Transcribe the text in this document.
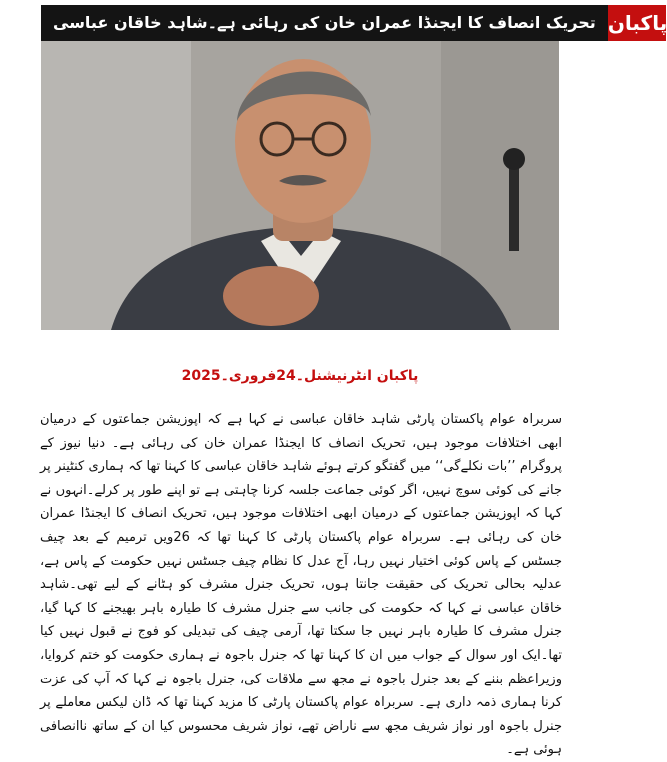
تحریک انصاف کا ایجنڈا عمران خان کی رہائی ہے۔شاہد خاقان عباسی پاکبان
پاکبان انٹرنیشنل۔24فروری۔2025

سربراہ عوام پاکستان پارٹی شاہد خاقان عباسی نے کہا ہے کہ اپوزیشن جماعتوں کے درمیان ابھی اختلافات موجود ہیں، تحریک انصاف کا ایجنڈا عمران خان کی رہائی ہے۔ دنیا نیوز کے پروگرام ’’بات نکلےگی‘‘ میں گفتگو کرتے ہوئے شاہد خاقان عباسی کا کہنا تھا کہ ہماری کنٹینر پر جانے کی کوئی سوچ نہیں، اگر کوئی جماعت جلسہ کرنا چاہتی ہے تو اپنے طور پر کرلے۔انہوں نے کہا کہ اپوزیشن جماعتوں کے درمیان ابھی اختلافات موجود ہیں، تحریک انصاف کا ایجنڈا عمران خان کی رہائی ہے۔ سربراہ عوام پاکستان پارٹی کا کہنا تھا کہ 26ویں ترمیم کے بعد چیف جسٹس کے پاس کوئی اختیار نہیں رہا، آج عدل کا نظام چیف جسٹس نہیں حکومت کے پاس ہے، عدلیہ بحالی تحریک کی حقیقت جانتا ہوں، تحریک جنرل مشرف کو ہٹانے کے لیے تھی۔شاہد خاقان عباسی نے کہا کہ حکومت کی جانب سے جنرل مشرف کا طیارہ باہر بھیجنے کا کہا گیا، جنرل مشرف کا طیارہ باہر نہیں جا سکتا تھا، آرمی چیف کی تبدیلی کو فوج نے قبول نہیں کیا تھا۔ایک اور سوال کے جواب میں ان کا کہنا تھا کہ جنرل باجوہ نے ہماری حکومت کو ختم کروایا، وزیراعظم بننے کے بعد جنرل باجوہ نے مجھ سے ملاقات کی، جنرل باجوہ نے کہا کہ آپ کی عزت کرنا ہماری ذمہ داری ہے۔ سربراہ عوام پاکستان پارٹی کا مزید کہنا تھا کہ ڈان لیکس معاملے پر جنرل باجوہ اور نواز شریف مجھ سے ناراض تھے، نواز شریف محسوس کیا ان کے ساتھ ناانصافی ہوئی ہے۔
